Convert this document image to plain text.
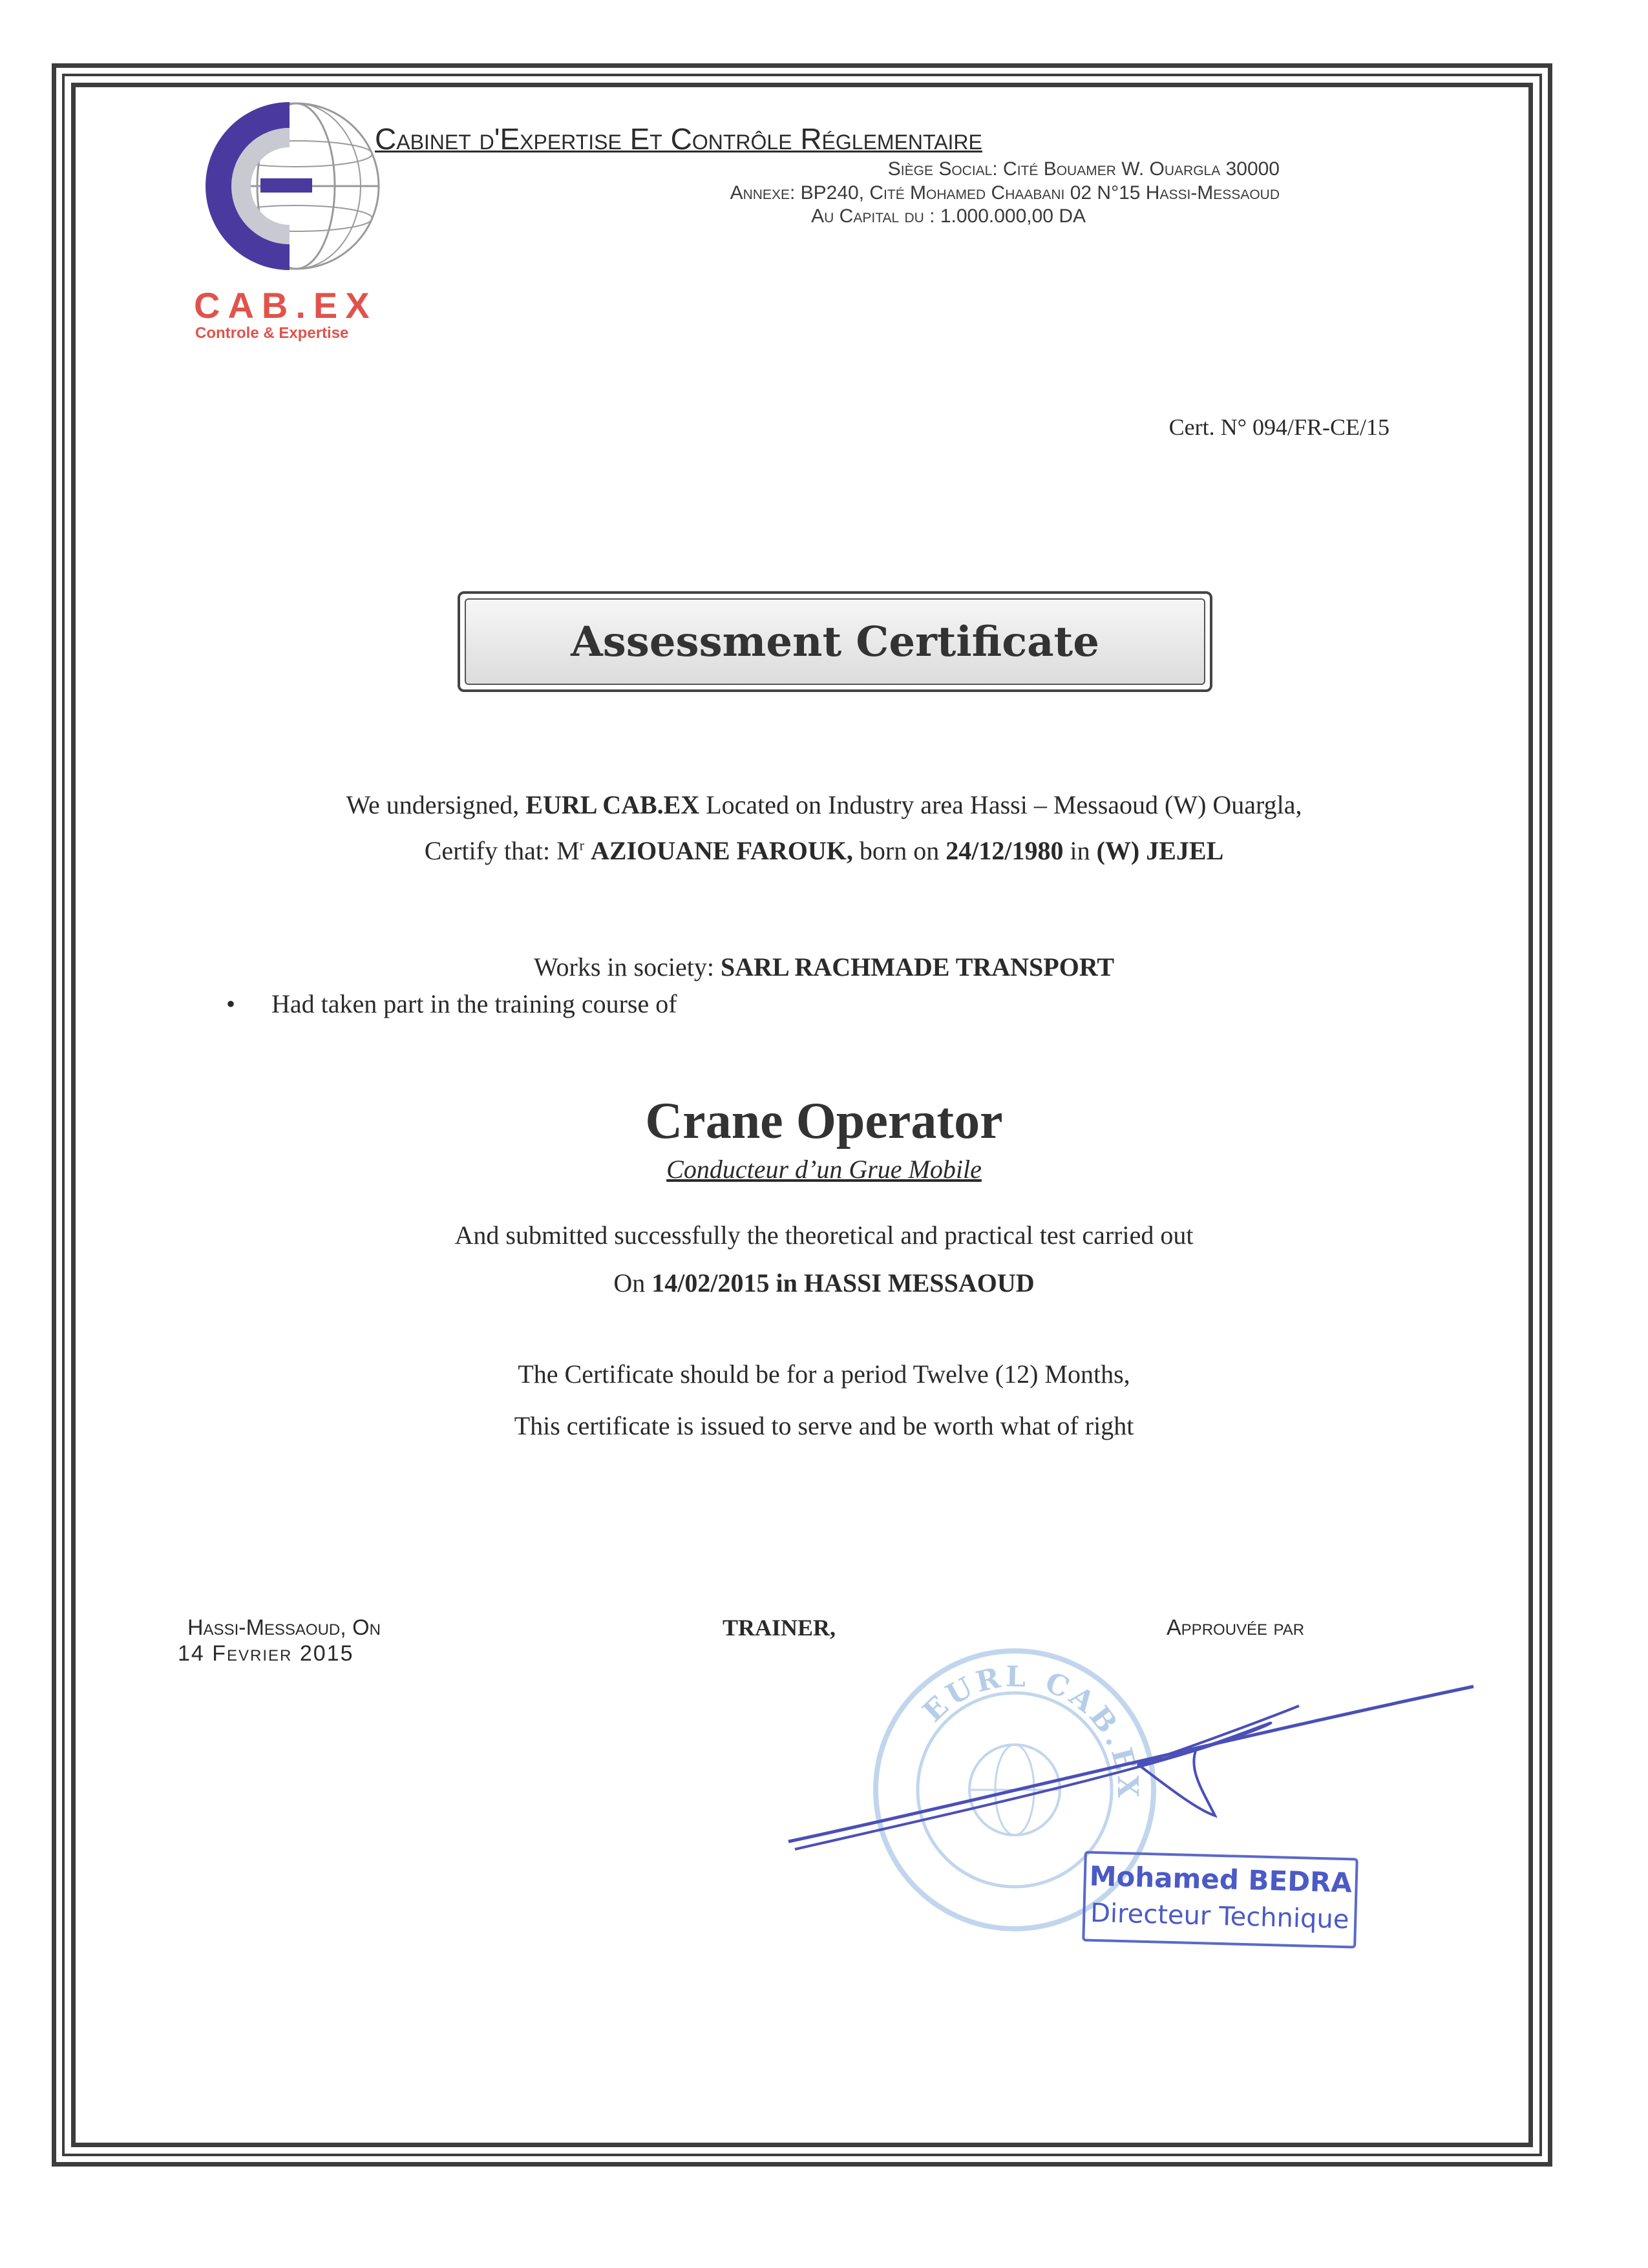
CAB.EX
Controle & Expertise
Cabinet d'Expertise Et Contrôle Réglementaire
Siège Social: Cité Bouamer W. Ouargla 30000
Annexe: BP240, Cité Mohamed Chaabani 02 N°15 Hassi-Messaoud
Au Capital du : 1.000.000,00 DA
Cert. N° 094/FR-CE/15
Assessment Certificate
We undersigned, EURL CAB.EX Located on Industry area Hassi – Messaoud (W) Ouargla,
Certify that: $M^r$ AZIOUANE FAROUK, born on 24/12/1980 in (W) JEJEL
Works in society: SARL RACHMADE TRANSPORT
• Had taken part in the training course of
Crane Operator
Conducteur d’un Grue Mobile
And submitted successfully the theoretical and practical test carried out
On 14/02/2015 in HASSI MESSAOUD
The Certificate should be for a period Twelve (12) Months,
This certificate is issued to serve and be worth what of right
Hassi-Messaoud, On
14 Fevrier 2015
TRAINER,	Approuvée par
EURL CAB.EX
Mohamed BEDRA
Directeur Technique
